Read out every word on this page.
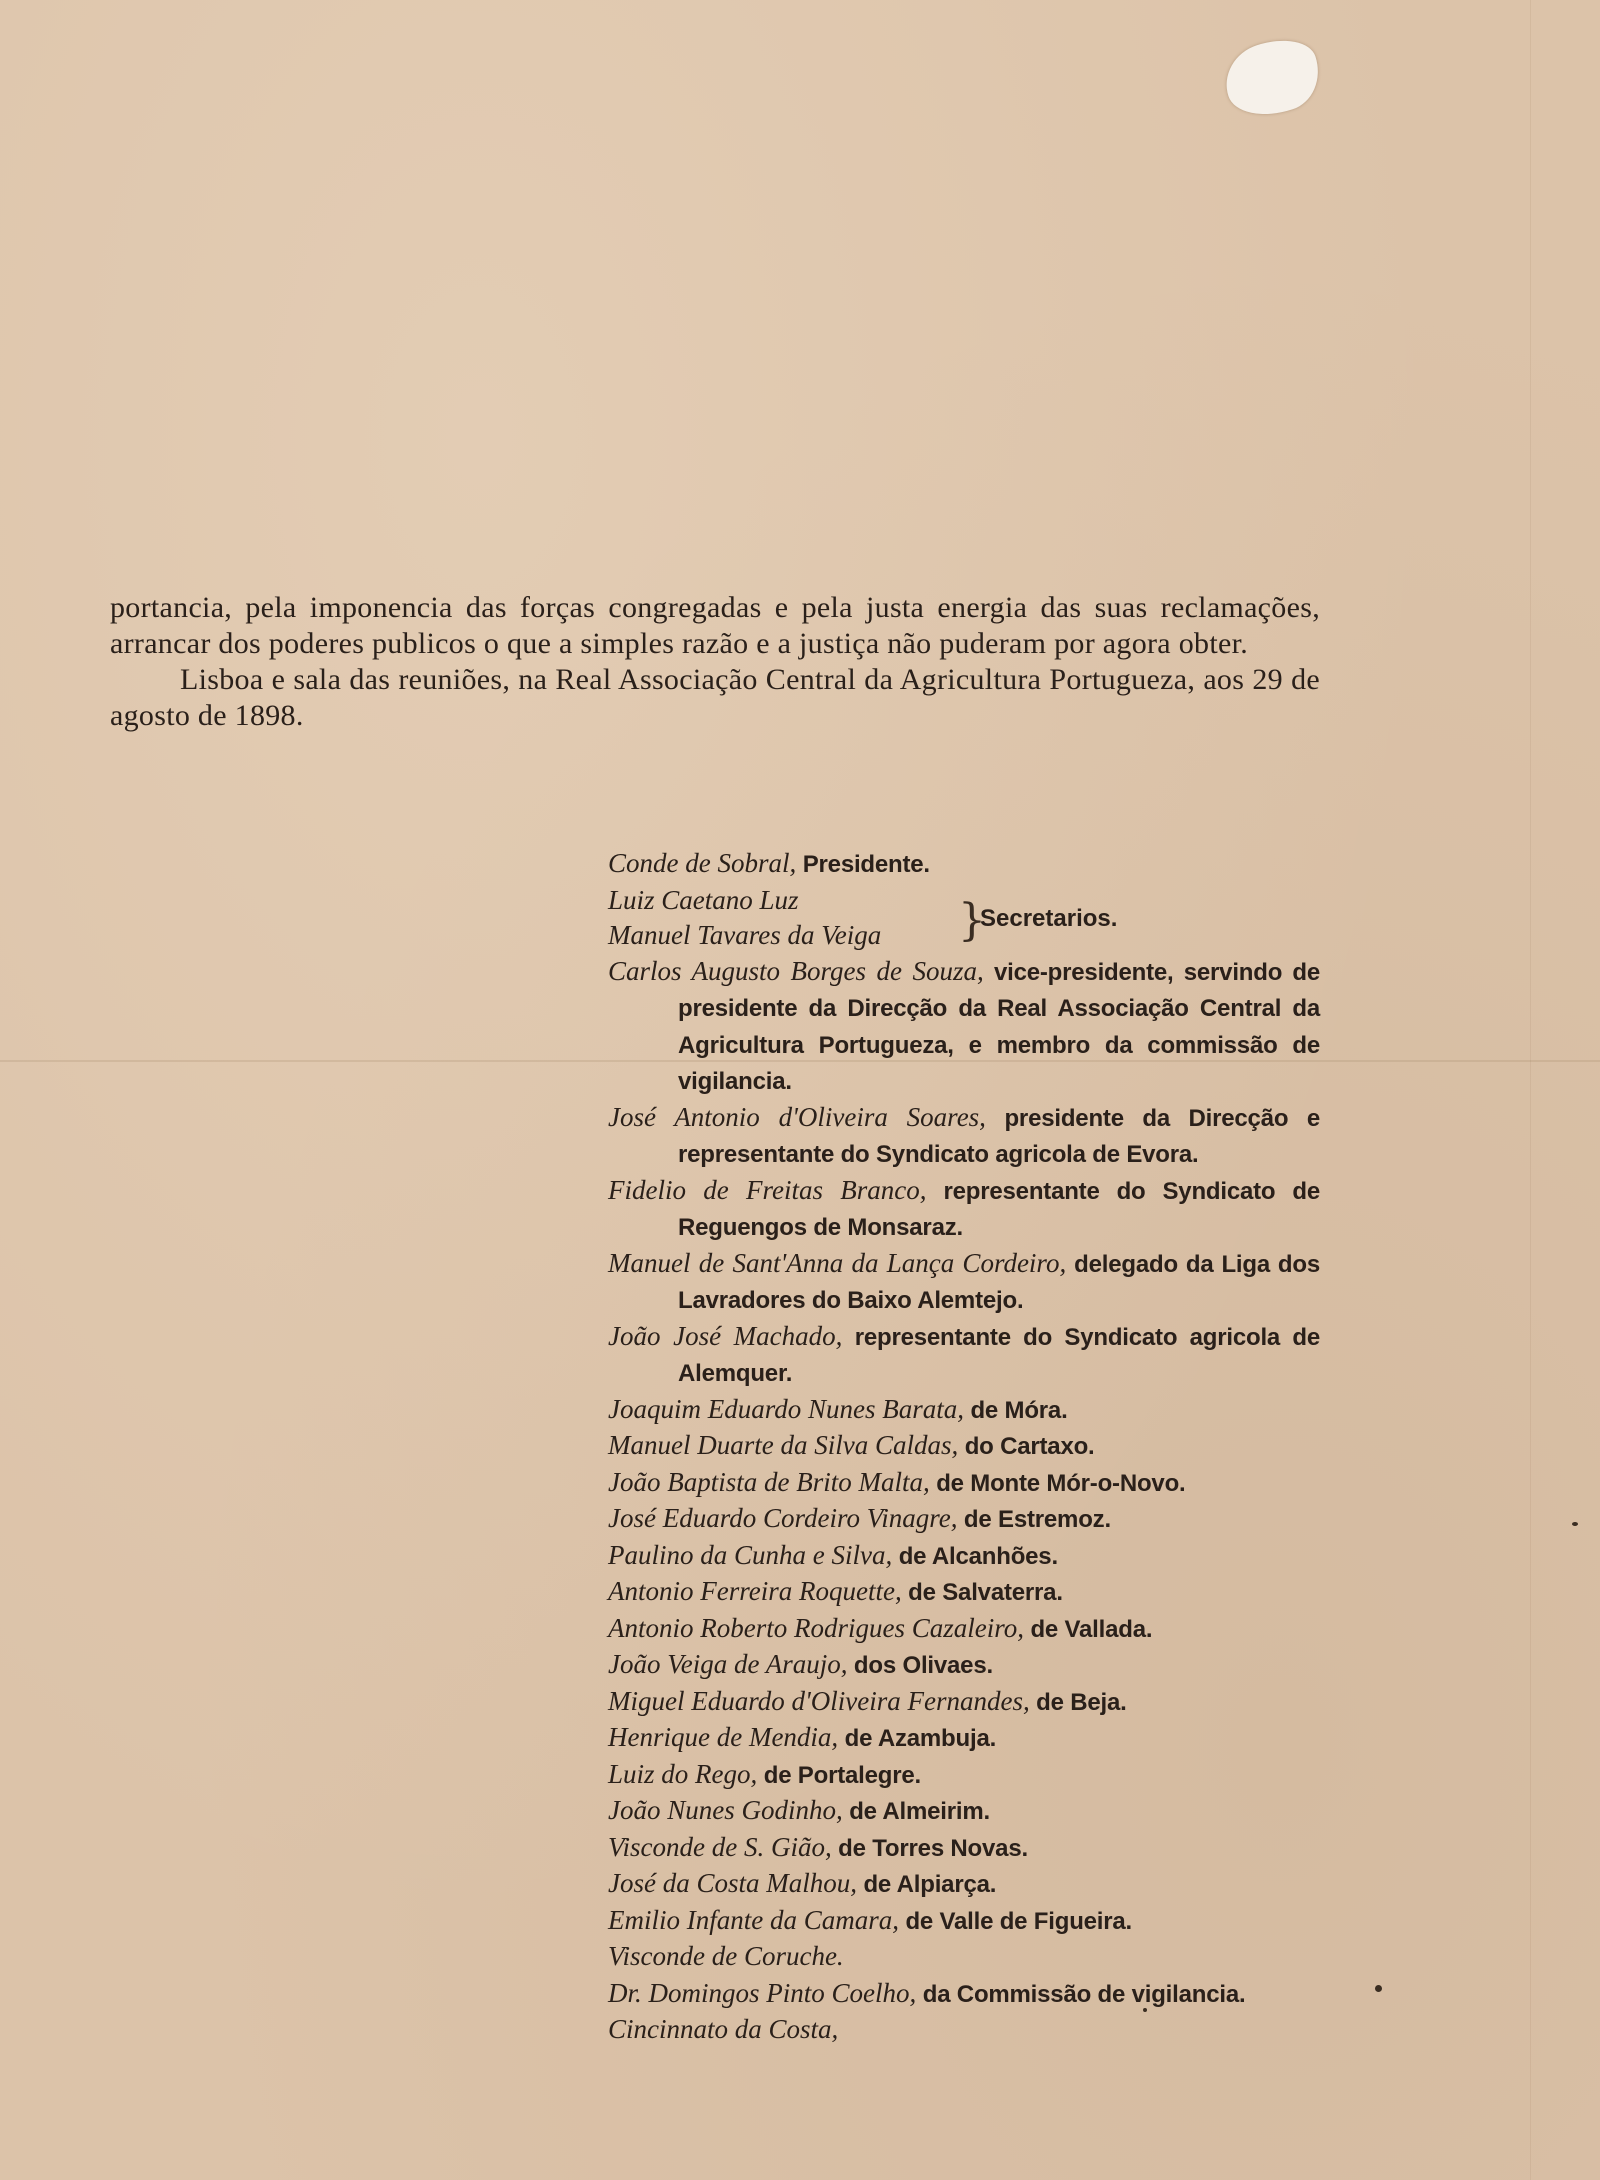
portancia, pela imponencia das forças congregadas e pela justa energia das suas reclamações, arrancar dos poderes publicos o que a simples razão e a justiça não puderam por agora obter.

Lisboa e sala das reuniões, na Real Associação Central da Agricultura Portugueza, aos 29 de agosto de 1898.

Conde de Sobral, Presidente.
Luiz Caetano Luz
Manuel Tavares da Veiga }
Secretarios.
Carlos Augusto Borges de Souza, vice-presidente, servindo de presidente da Direcção da Real Associação Central da Agricultura Portugueza, e membro da commissão de vigilancia.
José Antonio d'Oliveira Soares, presidente da Direcção e representante do Syndicato agricola de Evora.
Fidelio de Freitas Branco, representante do Syndicato de Reguengos de Monsaraz.
Manuel de Sant'Anna da Lança Cordeiro, delegado da Liga dos Lavradores do Baixo Alemtejo.
João José Machado, representante do Syndicato agricola de Alemquer.
Joaquim Eduardo Nunes Barata, de Móra.
Manuel Duarte da Silva Caldas, do Cartaxo.
João Baptista de Brito Malta, de Monte Mór-o-Novo.
José Eduardo Cordeiro Vinagre, de Estremoz.
Paulino da Cunha e Silva, de Alcanhões.
Antonio Ferreira Roquette, de Salvaterra.
Antonio Roberto Rodrigues Cazaleiro, de Vallada.
João Veiga de Araujo, dos Olivaes.
Miguel Eduardo d'Oliveira Fernandes, de Beja.
Henrique de Mendia, de Azambuja.
Luiz do Rego, de Portalegre.
João Nunes Godinho, de Almeirim.
Visconde de S. Gião, de Torres Novas.
José da Costa Malhou, de Alpiarça.
Emilio Infante da Camara, de Valle de Figueira.
Visconde de Coruche.
Dr. Domingos Pinto Coelho, da Commissão de vigilancia.
Cincinnato da Costa,
